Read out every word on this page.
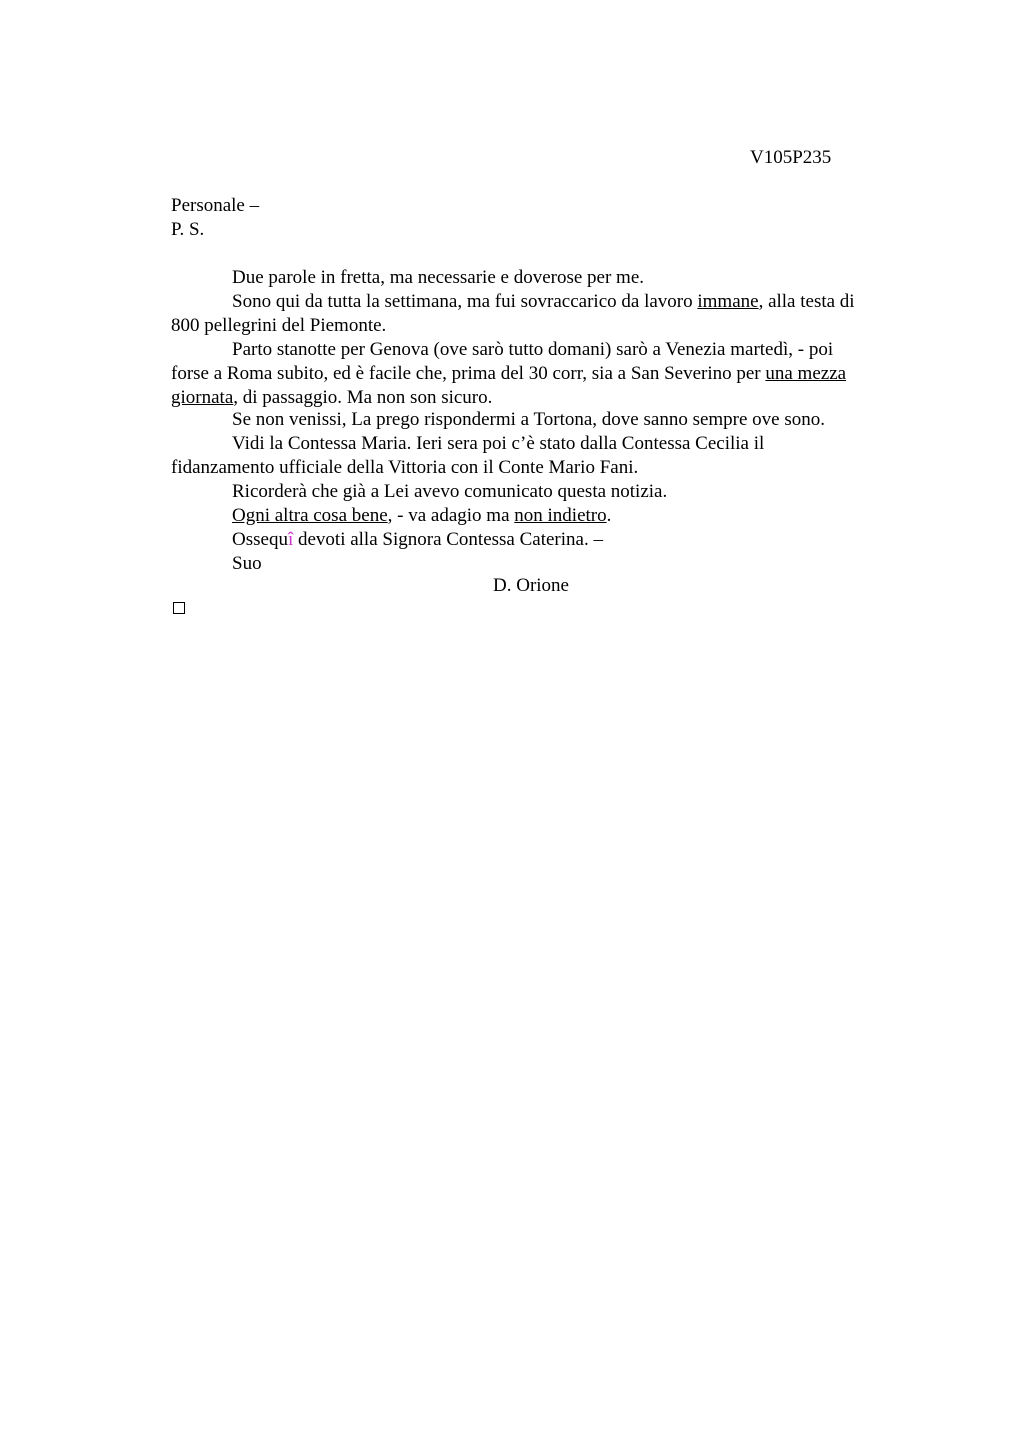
V105P235
Personale –
P. S.
Due parole in fretta, ma necessarie e doverose per me.
Sono qui da tutta la settimana, ma fui sovraccarico da lavoro immane, alla testa di
800 pellegrini del Piemonte.
Parto stanotte per Genova (ove sarò tutto domani) sarò a Venezia martedì, - poi
forse a Roma subito, ed è facile che, prima del 30 corr, sia a San Severino per una mezza
giornata, di passaggio. Ma non son sicuro.
Se non venissi, La prego rispondermi a Tortona, dove sanno sempre ove sono.
Vidi la Contessa Maria. Ieri sera poi c’è stato dalla Contessa Cecilia il
fidanzamento ufficiale della Vittoria con il Conte Mario Fani.
Ricorderà che già a Lei avevo comunicato questa notizia.
Ogni altra cosa bene, - va adagio ma non indietro.
Ossequî devoti alla Signora Contessa Caterina. –
Suo
D. Orione
